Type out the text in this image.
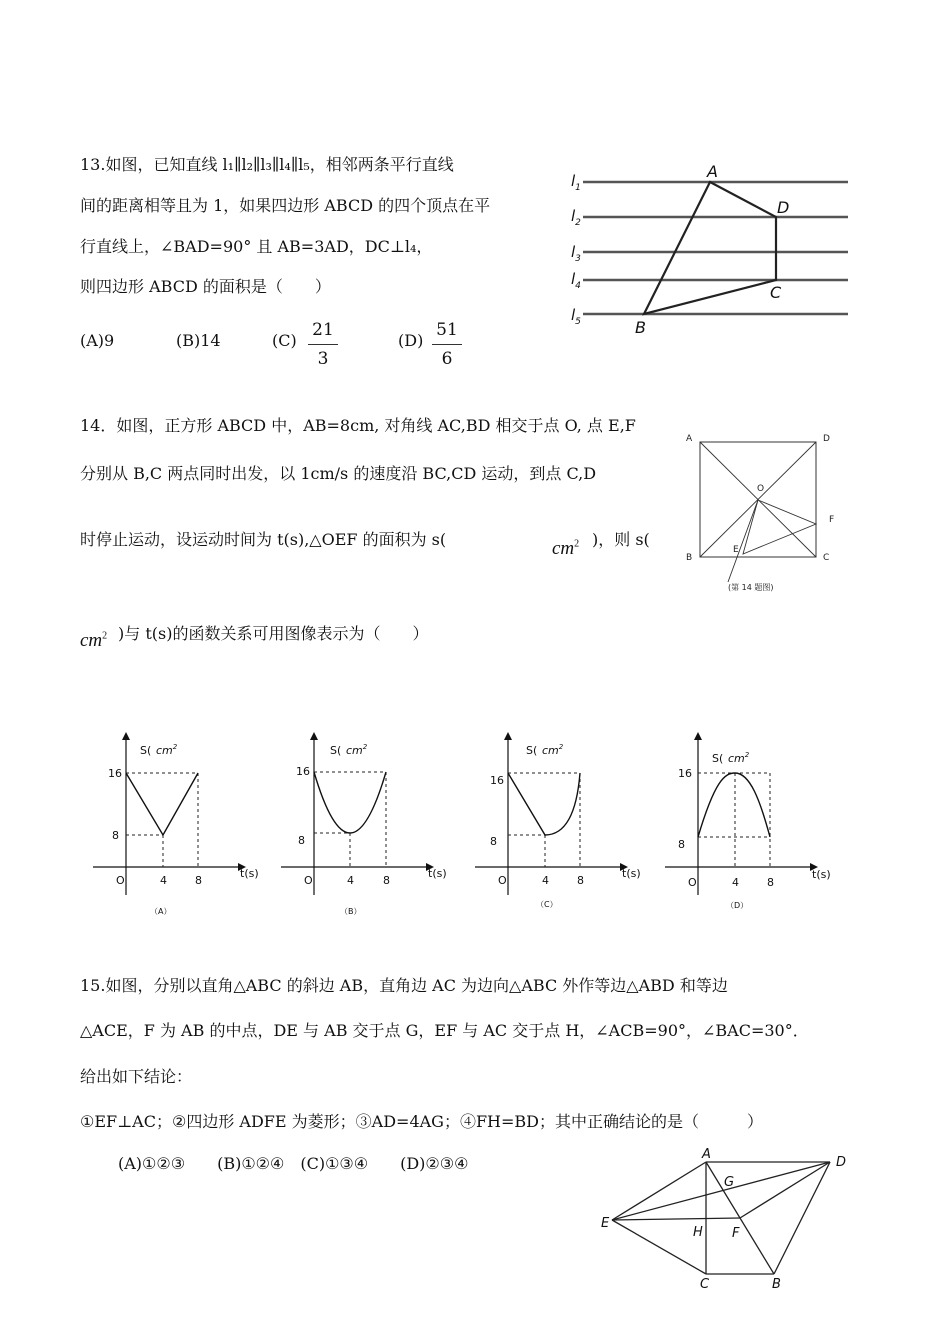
13.如图，已知直线 l₁∥l₂∥l₃∥l₄∥l₅，相邻两条平行直线
间的距离相等且为 1，如果四边形 ABCD 的四个顶点在平
行直线上，∠BAD=90° 且 AB=3AD，DC⊥l₄，
则四边形 ABCD 的面积是（　　）
(A)9	(B)14	$(C) \frac{21}{3}$	$(D) \frac{51}{6}$
$l_1$
$l_2$
$l_3$
$l_4$
$l_5$
A
D
C
B
14．如图，正方形 ABCD 中，AB=8cm, 对角线 AC,BD 相交于点 O, 点 E,F
分别从 B,C 两点同时出发，以 1cm/s 的速度沿 BC,CD 运动，到点 C,D
时停止运动，设运动时间为 t(s),△OEF 的面积为 s(	$cm^2$ )，则 s(
$cm^2$ )与 t(s)的函数关系可用图像表示为（　　）
A	D
B	C
O
F
E
(第 14 题图)
S( $cm^2$
16
8
O	4	8
t(s)
（A）
S( $cm^2$
16
8
O	4	8
t(s)
（B）
S( $cm^2$
16
8
O	4	8
t(s)
（C）
S( $cm^2$
16
8
O	4	8
t(s)
（D）
15.如图，分别以直角△ABC 的斜边 AB，直角边 AC 为边向△ABC 外作等边△ABD 和等边
△ACE，F 为 AB 的中点，DE 与 AB 交于点 G，EF 与 AC 交于点 H，∠ACB=90°，∠BAC=30°．
给出如下结论：
①EF⊥AC；②四边形 ADFE 为菱形；③AD=4AG；④FH=BD；其中正确结论的是（　　　）
(A)①②③　　(B)①②④　(C)①③④　　(D)②③④	A
D
G
E
H F
C	B
